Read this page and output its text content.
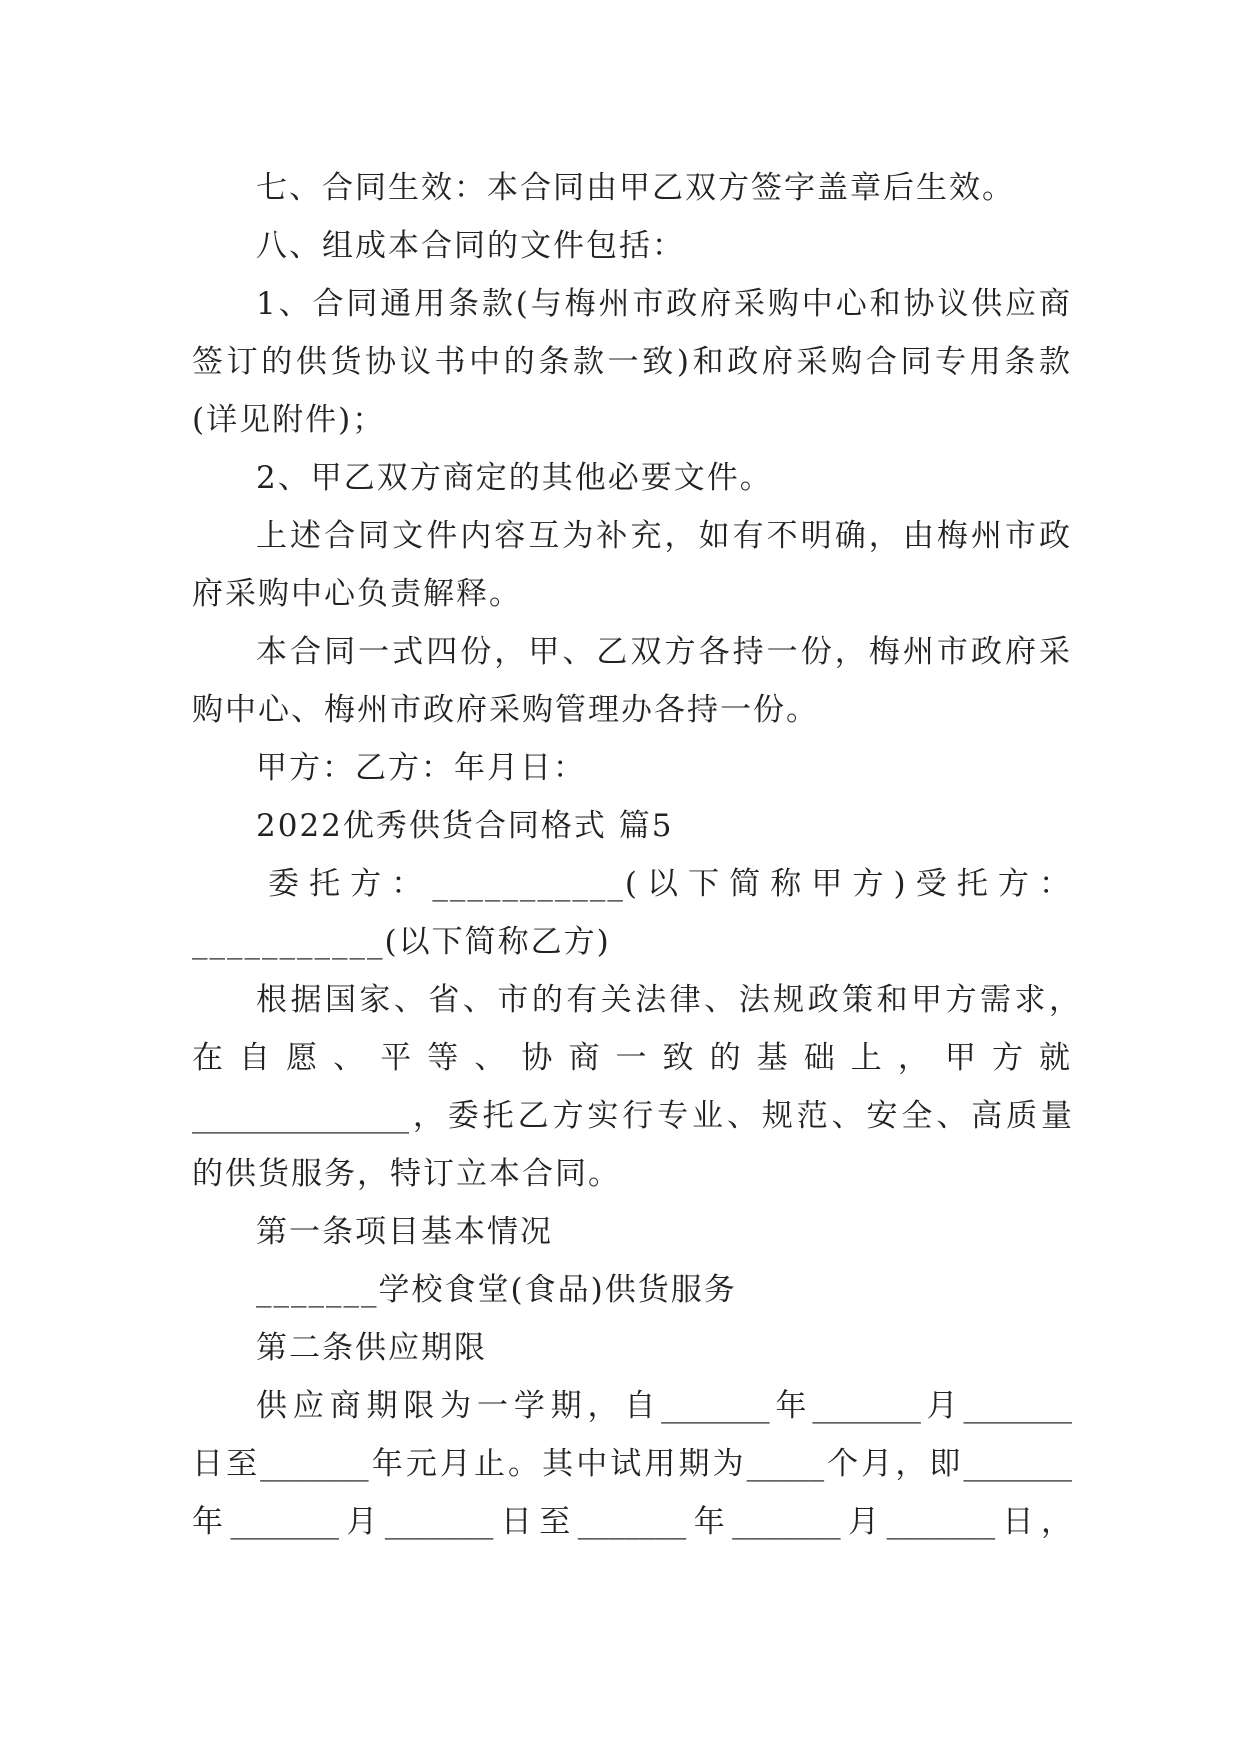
七、合同生效：本合同由甲乙双方签字盖章后生效。
八、组成本合同的文件包括：
1、合同通用条款(与梅州市政府采购中心和协议供应商
签订的供货协议书中的条款一致)和政府采购合同专用条款
(详见附件)；
2、甲乙双方商定的其他必要文件。
上述合同文件内容互为补充，如有不明确，由梅州市政
府采购中心负责解释。
本合同一式四份，甲、乙双方各持一份，梅州市政府采
购中心、梅州市政府采购管理办各持一份。
甲方：乙方：年月日：
2022优秀供货合同格式 篇5
委托方：___________(以下简称甲方)受托方：
___________(以下简称乙方)
根据国家、省、市的有关法律、法规政策和甲方需求，
在自愿、平等、协商一致的基础上，甲方就
______________，委托乙方实行专业、规范、安全、高质量
的供货服务，特订立本合同。
第一条项目基本情况
_______学校食堂(食品)供货服务
第二条供应期限
供应商期限为一学期，自_______年_______月_______
日至_______年元月止。其中试用期为_____个月，即_______
年_______月_______日至_______年_______月_______日，
